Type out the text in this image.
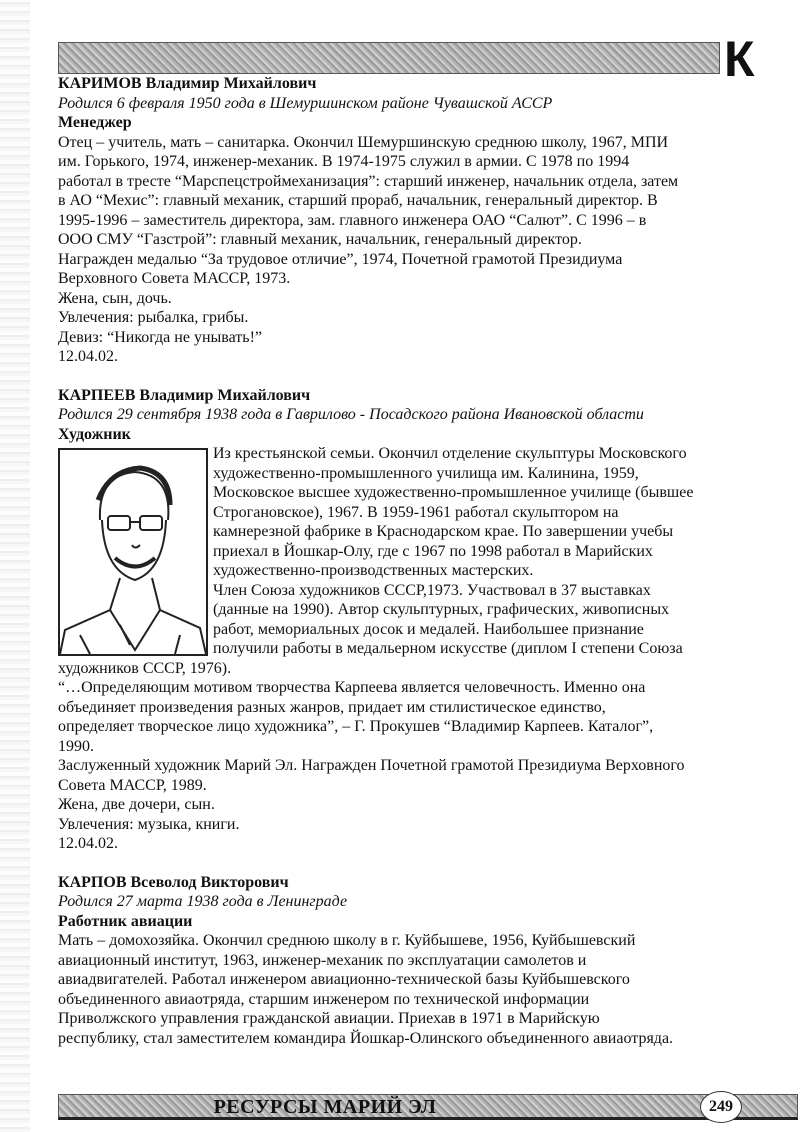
К
КАРИМОВ Владимир Михайлович
Родился 6 февраля 1950 года в Шемуршинском районе Чувашской АССР
Менеджер
Отец – учитель, мать – санитарка. Окончил Шемуршинскую среднюю школу, 1967, МПИ
им. Горького, 1974, инженер-механик. В 1974-1975 служил в армии. С 1978 по 1994
работал в тресте “Марспецстроймеханизация”: старший инженер, начальник отдела, затем
в АО “Мехис”: главный механик, старший прораб, начальник, генеральный директор. В
1995-1996 – заместитель директора, зам. главного инженера ОАО “Салют”. С 1996 – в
ООО СМУ “Газстрой”: главный механик, начальник, генеральный директор.
Награжден медалью “За трудовое отличие”, 1974, Почетной грамотой Президиума
Верховного Совета МАССР, 1973.
Жена, сын, дочь.
Увлечения: рыбалка, грибы.
Девиз: “Никогда не унывать!”
12.04.02.
КАРПЕЕВ Владимир Михайлович
Родился 29 сентября 1938 года в Гаврилово - Посадского района Ивановской области
Художник
Из крестьянской семьи. Окончил отделение скульптуры Московского
художественно-промышленного училища им. Калинина, 1959,
Московское высшее художественно-промышленное училище (бывшее
Строгановское), 1967. В 1959-1961 работал скульптором на
камнерезной фабрике в Краснодарском крае. По завершении учебы
приехал в Йошкар-Олу, где с 1967 по 1998 работал в Марийских
художественно-производственных мастерских.
Член Союза художников СССР,1973. Участвовал в 37 выставках
(данные на 1990). Автор скульптурных, графических, живописных
работ, мемориальных досок и медалей. Наибольшее признание
получили работы в медальерном искусстве (диплом I степени Союза
художников СССР, 1976).
“…Определяющим мотивом творчества Карпеева является человечность. Именно она
объединяет произведения разных жанров, придает им стилистическое единство,
определяет творческое лицо художника”, – Г. Прокушев “Владимир Карпеев. Каталог”,
1990.
Заслуженный художник Марий Эл. Награжден Почетной грамотой Президиума Верховного
Совета МАССР, 1989.
Жена, две дочери, сын.
Увлечения: музыка, книги.
12.04.02.
КАРПОВ Всеволод Викторович
Родился 27 марта 1938 года в Ленинграде
Работник авиации
Мать – домохозяйка. Окончил среднюю школу в г. Куйбышеве, 1956, Куйбышевский
авиационный институт, 1963, инженер-механик по эксплуатации самолетов и
авиадвигателей. Работал инженером авиационно-технической базы Куйбышевского
объединенного авиаотряда, старшим инженером по технической информации
Приволжского управления гражданской авиации. Приехав в 1971 в Марийскую
республику, стал заместителем командира Йошкар-Олинского объединенного авиаотряда.
РЕСУРСЫ МАРИЙ ЭЛ	249
